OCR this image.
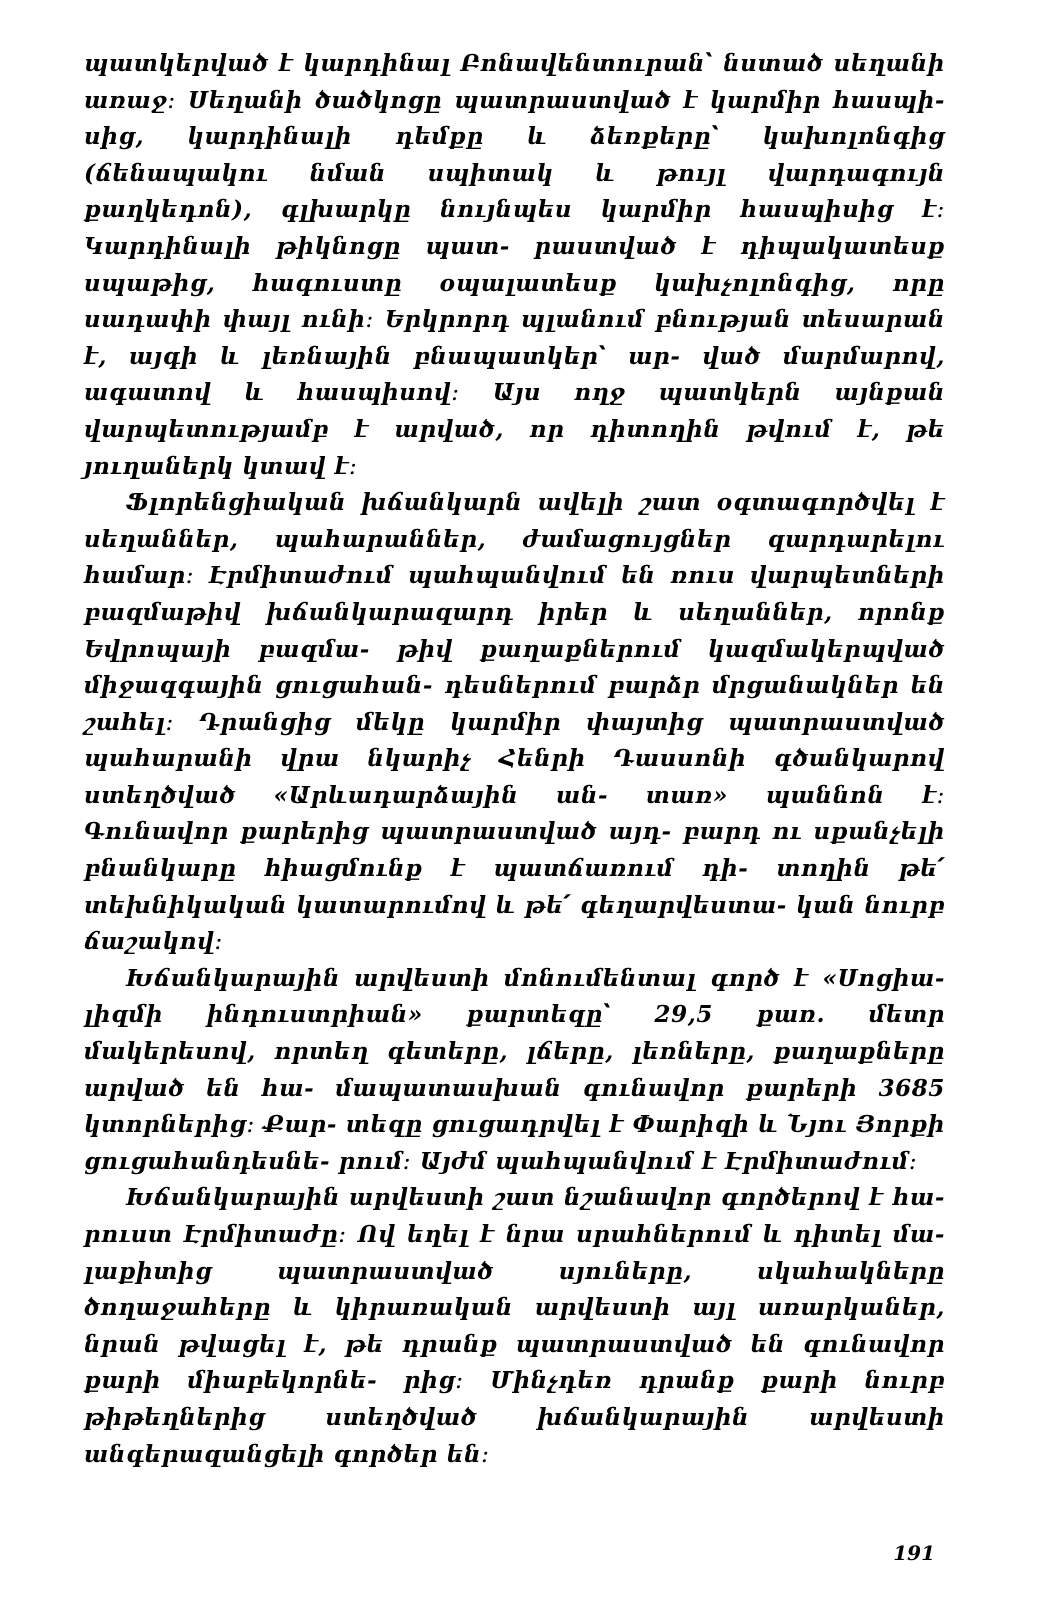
պատկերված է կարդինալ Բոնավենտուրան՝ նստած սեղանի առաջ։ Սեղանի ծածկոցը պատրաստված է կարմիր հասպի- սից, կարդինալի դեմքը և ձեռքերը՝ կախոլոնգից (ճենապակու նման սպիտակ և թույլ վարդագույն քաղկեդոն), գլխարկը նույնպես կարմիր հասպիսից է։ Կարդինալի թիկնոցը պատ- րաստված է դիպակատեսք սպաթից, հագուստը օպալատեսք կախչոլոնգից, որը սադափի փայլ ունի։ Երկրորդ պլանում բնության տեսարան է, այգի և լեռնային բնապատկեր՝ ար- ված մարմարով, ագատով և հասպիսով։ Այս ողջ պատկերն այնքան վարպետությամբ է արված, որ դիտողին թվում է, թե յուղաներկ կտավ է։

Ֆլորենցիական խճանկարն ավելի շատ օգտագործվել է սեղաններ, պահարաններ, ժամացույցներ զարդարելու համար։ Էրմիտաժում պահպանվում են ռուս վարպետների բազմաթիվ խճանկարազարդ իրեր և սեղաններ, որոնք Եվրոպայի բազմա- թիվ քաղաքներում կազմակերպված միջազգային ցուցահան- դեսներում բարձր մրցանակներ են շահել։ Դրանցից մեկը կարմիր փայտից պատրաստված պահարանի վրա նկարիչ Հենրի Դասսոնի գծանկարով ստեղծված «Արևադարձային ան- տառ» պաննոն է։ Գունավոր քարերից պատրաստված այդ- բարդ ու սքանչելի բնանկարը հիացմունք է պատճառում դի- տողին թե՛ տեխնիկական կատարումով և թե՛ գեղարվեստա- կան նուրբ ճաշակով։

Խճանկարային արվեստի մոնումենտալ գործ է «Սոցիա- լիզմի ինդուստրիան» քարտեզը՝ 29,5 քառ. մետր մակերեսով, որտեղ գետերը, լճերը, լեռները, քաղաքները արված են հա- մապատասխան գունավոր քարերի 3685 կտորներից։ Քար- տեզը ցուցադրվել է Փարիզի և Նյու Յորքի ցուցահանդեսնե- րում։ Այժմ պահպանվում է Էրմիտաժում։

Խճանկարային արվեստի շատ նշանավոր գործերով է հա- րուստ Էրմիտաժը։ Ով եղել է նրա սրահներում և դիտել մա- լաքիտից պատրաստված սյուները, սկահակները ծողաջահերը և կիրառական արվեստի այլ առարկաներ, նրան թվացել է, թե դրանք պատրաստված են գունավոր քարի միաբեկորնե- րից։ Մինչդեռ դրանք քարի նուրբ թիթեղներից ստեղծված խճանկարային արվեստի անգերազանցելի գործեր են։

191
